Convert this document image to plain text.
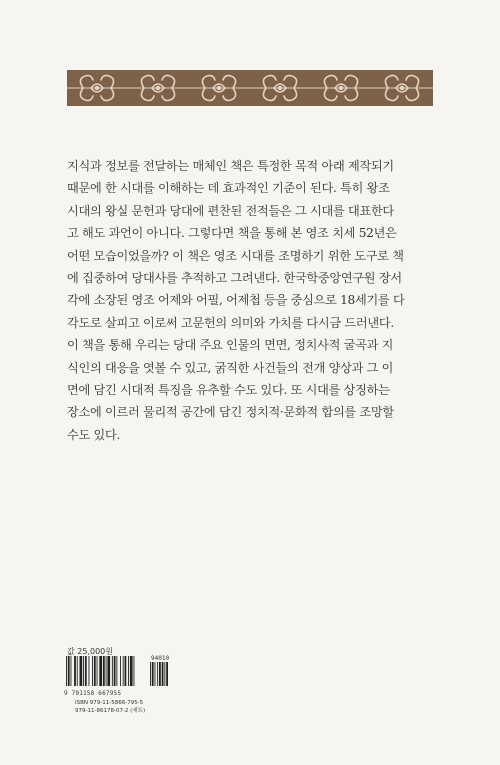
지식과 정보를 전달하는 매체인 책은 특정한 목적 아래 제작되기
때문에 한 시대를 이해하는 데 효과적인 기준이 된다. 특히 왕조
시대의 왕실 문헌과 당대에 편찬된 전적들은 그 시대를 대표한다
고 해도 과언이 아니다. 그렇다면 책을 통해 본 영조 치세 52년은
어떤 모습이었을까? 이 책은 영조 시대를 조명하기 위한 도구로 책
에 집중하여 당대사를 추적하고 그려낸다. 한국학중앙연구원 장서
각에 소장된 영조 어제와 어필, 어제첩 등을 중심으로 18세기를 다
각도로 살피고 이로써 고문헌의 의미와 가치를 다시금 드러낸다.
이 책을 통해 우리는 당대 주요 인물의 면면, 정치사적 굴곡과 지
식인의 대응을 엿볼 수 있고, 굵직한 사건들의 전개 양상과 그 이
면에 담긴 시대적 특징을 유추할 수도 있다. 또 시대를 상징하는
장소에 이르러 물리적 공간에 담긴 정치적·문화적 합의를 조망할
수도 있다.
값 25,000원
94010
9 791158 667955
ISBN 979-11-5866-795-5
979-11-86178-07-2 (세트)
